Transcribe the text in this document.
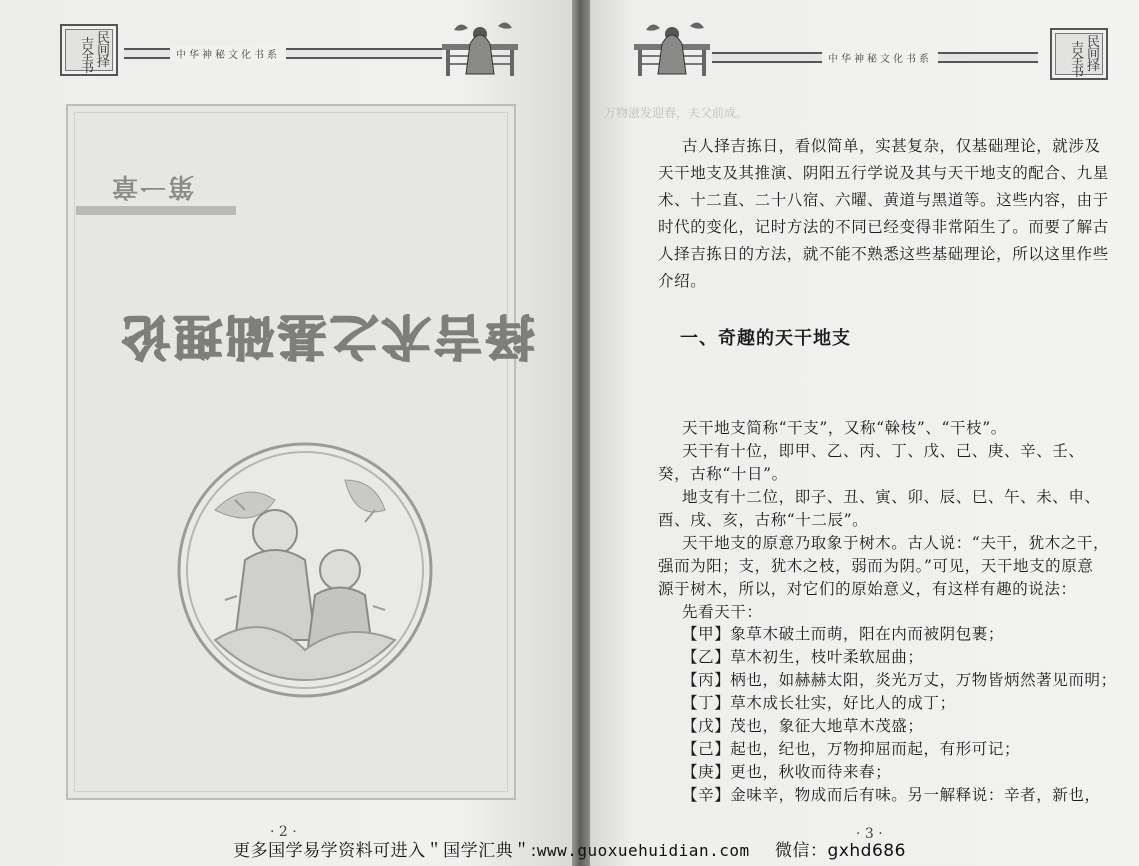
民
间
择
吉
全
书
中华神秘文化书系
第一章
择吉术之基础理论
· 2 ·
中华神秘文化书系
民
间
择
吉
全
书
万物滋发迎春，夫父前成。
古人择吉拣日，看似简单，实甚复杂，仅基础理论，就涉及
天干地支及其推演、阴阳五行学说及其与天干地支的配合、九星
术、十二直、二十八宿、六曜、黄道与黑道等。这些内容，由于
时代的变化，记时方法的不同已经变得非常陌生了。而要了解古
人择吉拣日的方法，就不能不熟悉这些基础理论，所以这里作些
介绍。
一、奇趣的天干地支
天干地支简称“干支”，又称“榦枝”、“干枝”。
天干有十位，即甲、乙、丙、丁、戊、己、庚、辛、壬、
癸，古称“十日”。
地支有十二位，即子、丑、寅、卯、辰、巳、午、未、申、
酉、戌、亥，古称“十二辰”。
天干地支的原意乃取象于树木。古人说：“夫干，犹木之干，
强而为阳；支，犹木之枝，弱而为阴。”可见，天干地支的原意
源于树木，所以，对它们的原始意义，有这样有趣的说法：
先看天干：
【甲】象草木破土而萌，阳在内而被阴包裹；
【乙】草木初生，枝叶柔软屈曲；
【丙】柄也，如赫赫太阳，炎光万丈，万物皆炳然著见而明；
【丁】草木成长壮实，好比人的成丁；
【戊】茂也，象征大地草木茂盛；
【己】起也，纪也，万物抑屈而起，有形可记；
【庚】更也，秋收而待来春；
【辛】金味辛，物成而后有味。另一解释说：辛者，新也，
· 3 ·
更多国学易学资料可进入＂国学汇典＂:www.guoxuehuidian.com 微信：gxhd686
